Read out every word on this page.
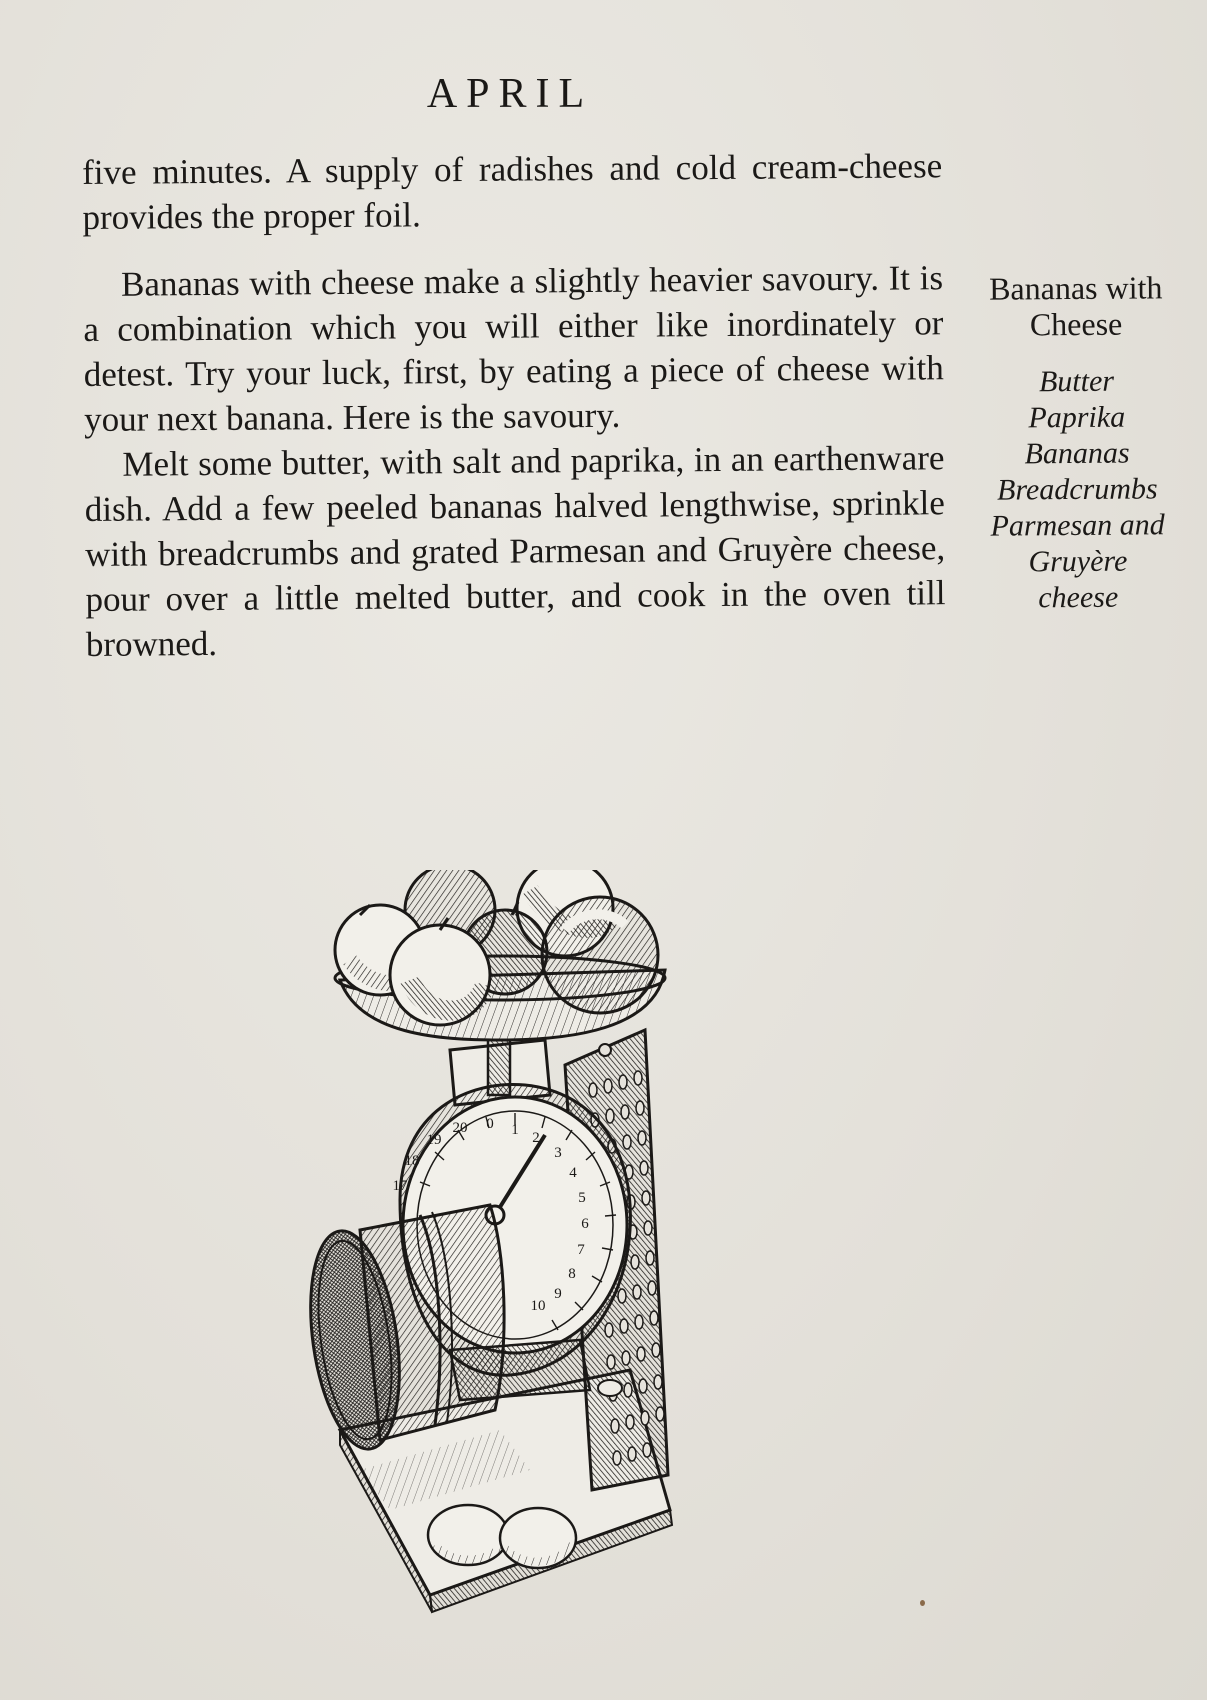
APRIL

five minutes. A supply of radishes and cold cream-cheese provides the proper foil.

Bananas with cheese make a slightly heavier savoury. It is a combination which you will either like inordinately or detest. Try your luck, first, by eating a piece of cheese with your next banana. Here is the savoury.

Melt some butter, with salt and paprika, in an earthenware dish. Add a few peeled bananas halved lengthwise, sprinkle with breadcrumbs and grated Parmesan and Gruyère cheese, pour over a little melted butter, and cook in the oven till browned.

Bananas with
Cheese
Butter
Paprika
Bananas
Breadcrumbs
Parmesan and
Gruyère
cheese
17
18
19
20 0 1 2
3
4
5
6
7
8
9
10
